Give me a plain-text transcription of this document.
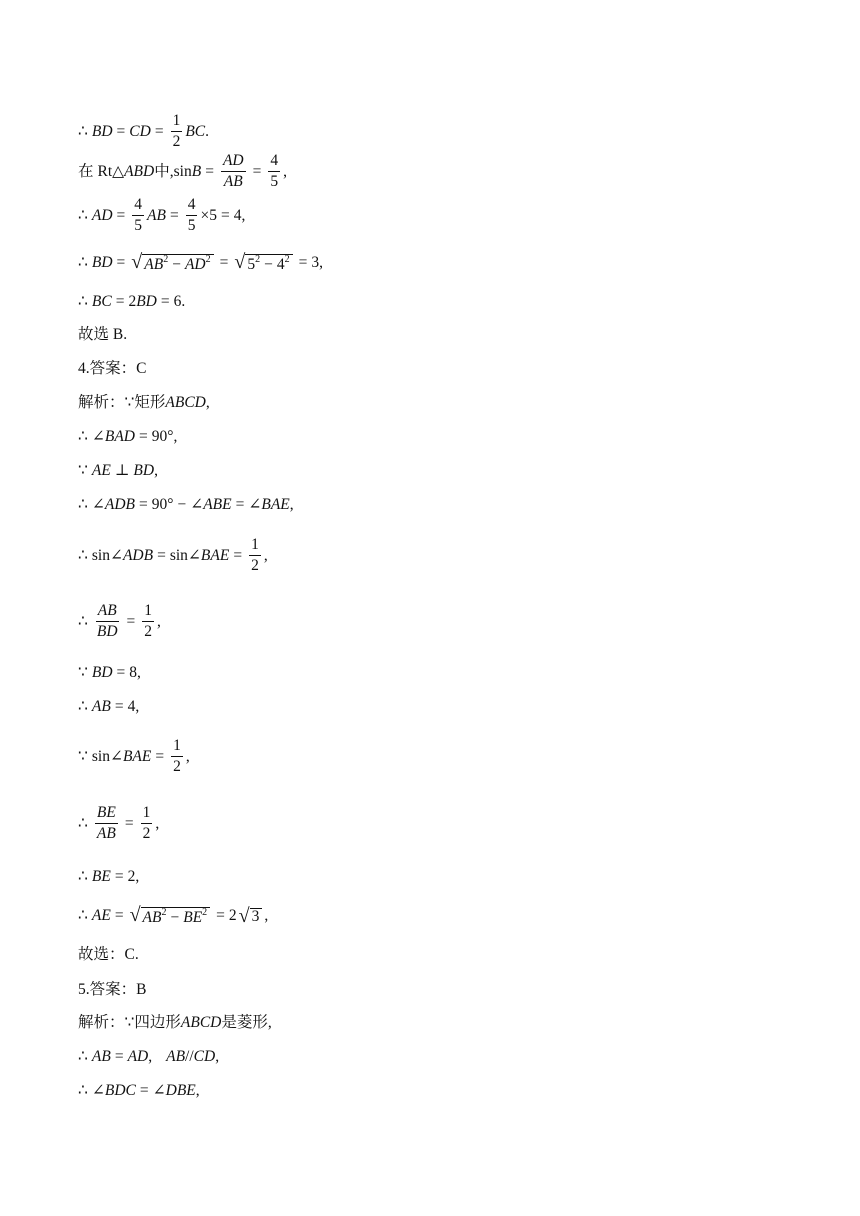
∴ BD = CD = $\frac{1}{2}$ BC .
在 Rt △ ABD 中, $\sin B = \frac{AD}{AB} = \frac{4}{5}$ ,
∴ AD = $\frac{4}{5}$ AB = $\frac{4}{5} \times 5 = 4$ ,
∴ BD = √ $AB^2 - AD^2$ = √ $5^2 - 4^2 = 3$ ,
∴ BC = 2 BD = 6 .
故选 B.
4.答案：C
解析： ∵ 矩形 ABCD ,
∴ ∠ BAD = 90° ,
∵ AE ⊥ BD ,
∴ ∠ ADB = 90° − ∠ ABE = ∠ BAE ,
∴ sin∠ ADB = sin∠ BAE = $\frac{1}{2}$ ,
∴ $\frac{AB}{BD} = \frac{1}{2}$ ,
∵ BD = 8 ,
∴ AB = 4 ,
∵ sin∠ BAE = $\frac{1}{2}$ ,
∴ $\frac{BE}{AB} = \frac{1}{2}$ ,
∴ BE = 2 ,
∴ AE = √ $AB^2 - BE^2 = 2$ √ 3 ,
故选：C.
5.答案：B
解析： ∵ 四边形 ABCD 是菱形,
∴ AB = AD , AB // CD ,
∴ ∠ BDC = ∠ DBE ,
